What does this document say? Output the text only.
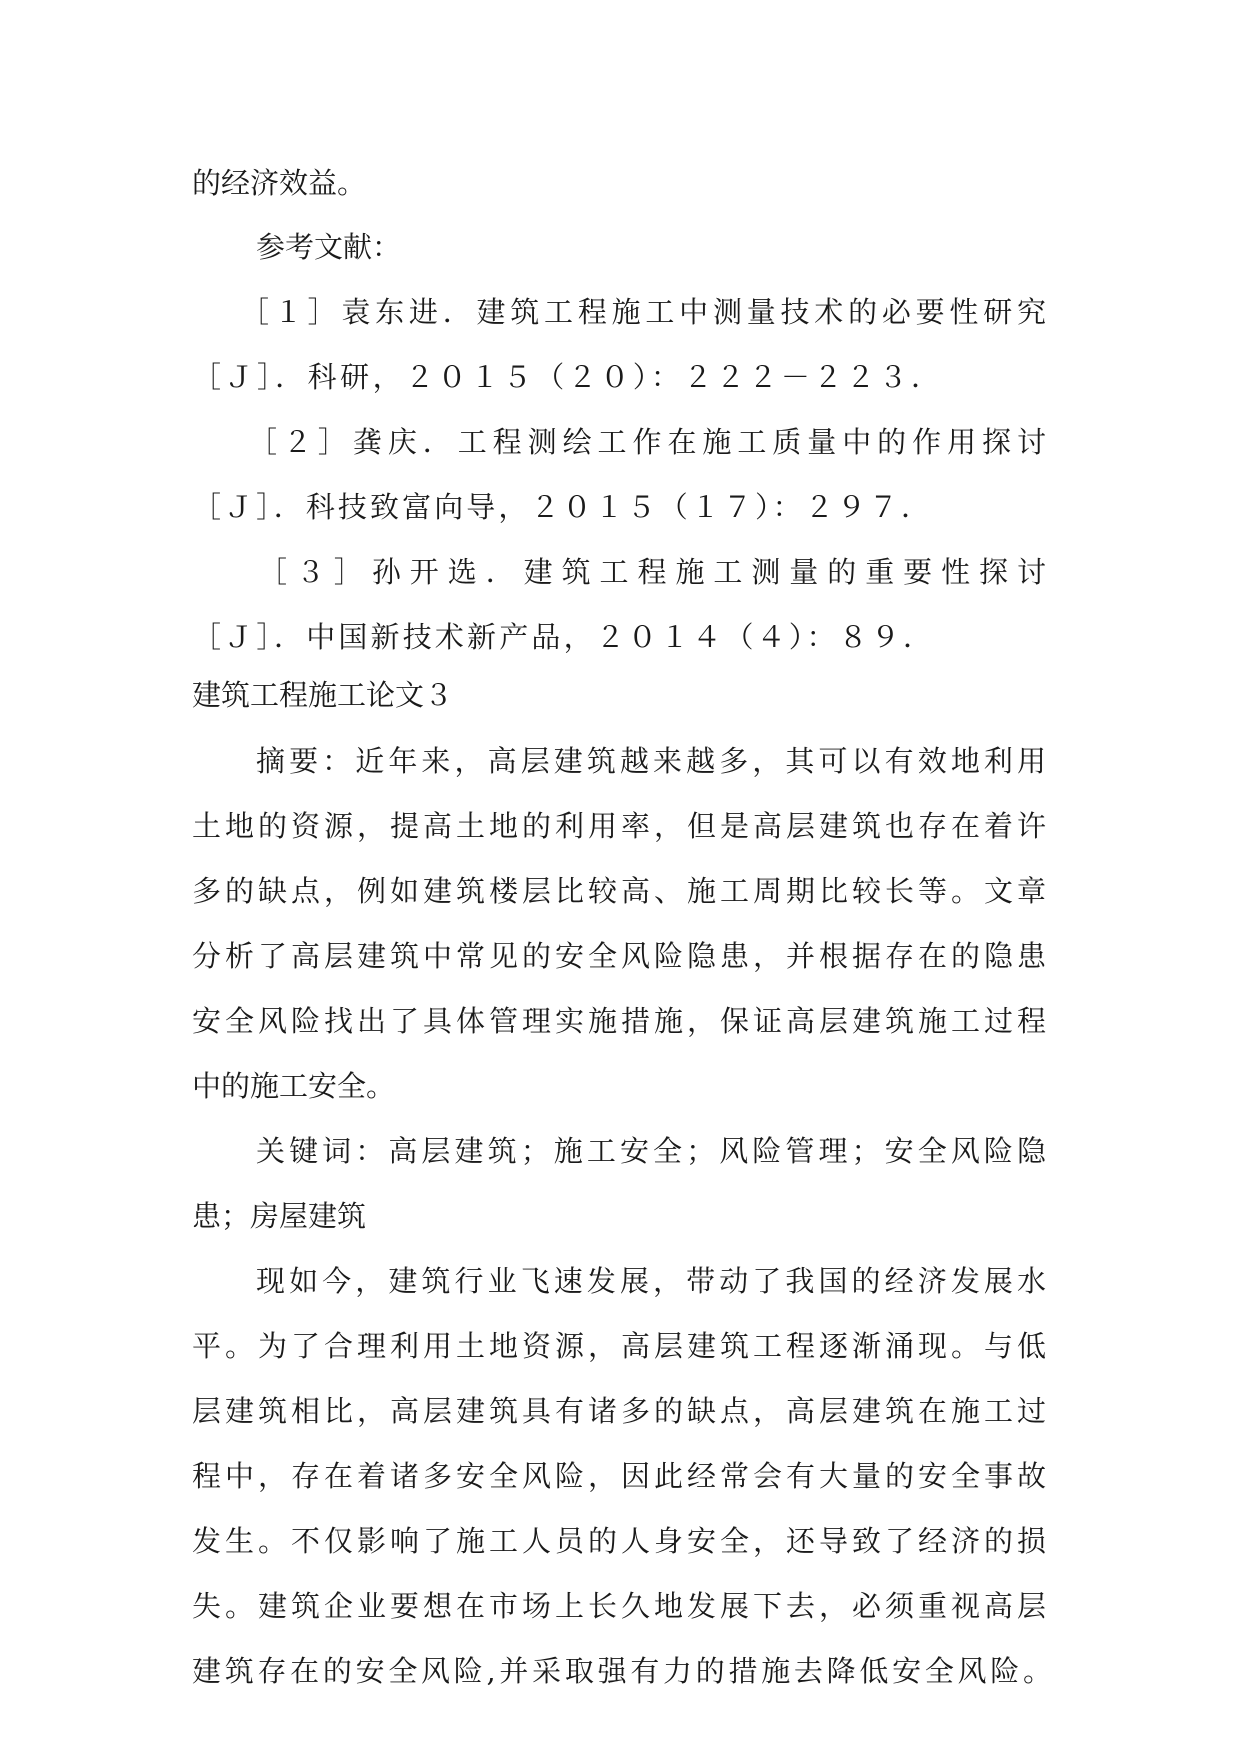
的经济效益。
参考文献：
［１］袁东进．建筑工程施工中测量技术的必要性研究
［Ｊ］．科研，２０１５（２０）：２２２－２２３．
［２］龚庆．工程测绘工作在施工质量中的作用探讨
［Ｊ］．科技致富向导，２０１５（１７）：２９７．
［３］孙开选．建筑工程施工测量的重要性探讨
［Ｊ］．中国新技术新产品，２０１４（４）：８９．
建筑工程施工论文３
摘要：近年来，高层建筑越来越多，其可以有效地利用
土地的资源，提高土地的利用率，但是高层建筑也存在着许
多的缺点，例如建筑楼层比较高、施工周期比较长等。文章
分析了高层建筑中常见的安全风险隐患，并根据存在的隐患
安全风险找出了具体管理实施措施，保证高层建筑施工过程
中的施工安全。
关键词：高层建筑；施工安全；风险管理；安全风险隐
患；房屋建筑
现如今，建筑行业飞速发展，带动了我国的经济发展水
平。为了合理利用土地资源，高层建筑工程逐渐涌现。与低
层建筑相比，高层建筑具有诸多的缺点，高层建筑在施工过
程中，存在着诸多安全风险，因此经常会有大量的安全事故
发生。不仅影响了施工人员的人身安全，还导致了经济的损
失。建筑企业要想在市场上长久地发展下去，必须重视高层
建筑存在的安全风险,并采取强有力的措施去降低安全风险。
